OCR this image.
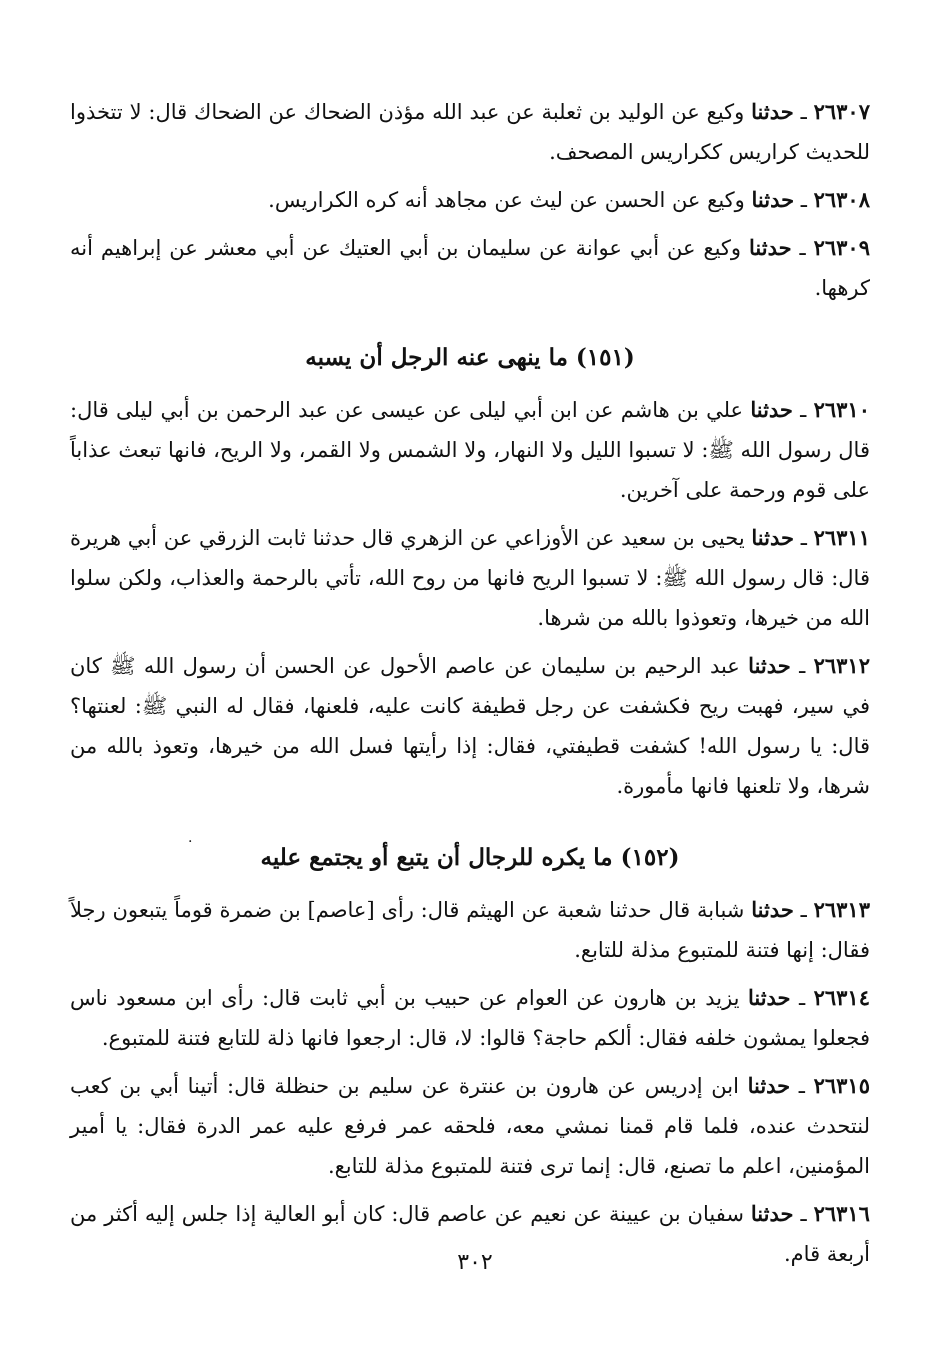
٢٦٣٠٧ ـ حدثنا وكيع عن الوليد بن ثعلبة عن عبد الله مؤذن الضحاك عن الضحاك قال: لا تتخذوا للحديث كراريس ككراريس المصحف.

٢٦٣٠٨ ـ حدثنا وكيع عن الحسن عن ليث عن مجاهد أنه كره الكراريس.

٢٦٣٠٩ ـ حدثنا وكيع عن أبي عوانة عن سليمان بن أبي العتيك عن أبي معشر عن إبراهيم أنه كرهها.

(١٥١) ما ينهى عنه الرجل أن يسبه

٢٦٣١٠ ـ حدثنا علي بن هاشم عن ابن أبي ليلى عن عيسى عن عبد الرحمن بن أبي ليلى قال: قال رسول الله ﷺ: لا تسبوا الليل ولا النهار، ولا الشمس ولا القمر، ولا الريح، فانها تبعث عذاباً على قوم ورحمة على آخرين.

٢٦٣١١ ـ حدثنا يحيى بن سعيد عن الأوزاعي عن الزهري قال حدثنا ثابت الزرقي عن أبي هريرة قال: قال رسول الله ﷺ: لا تسبوا الريح فانها من روح الله، تأتي بالرحمة والعذاب، ولكن سلوا الله من خيرها، وتعوذوا بالله من شرها.

٢٦٣١٢ ـ حدثنا عبد الرحيم بن سليمان عن عاصم الأحول عن الحسن أن رسول الله ﷺ كان في سير، فهبت ريح فكشفت عن رجل قطيفة كانت عليه، فلعنها، فقال له النبي ﷺ: لعنتها؟ قال: يا رسول الله! كشفت قطيفتي، فقال: إذا رأيتها فسل الله من خيرها، وتعوذ بالله من شرها، ولا تلعنها فانها مأمورة.

(١٥٢) ما يكره للرجال أن يتبع أو يجتمع عليه

٢٦٣١٣ ـ حدثنا شبابة قال حدثنا شعبة عن الهيثم قال: رأى [عاصم] بن ضمرة قوماً يتبعون رجلاً فقال: إنها فتنة للمتبوع مذلة للتابع.

٢٦٣١٤ ـ حدثنا يزيد بن هارون عن العوام عن حبيب بن أبي ثابت قال: رأى ابن مسعود ناس فجعلوا يمشون خلفه فقال: ألكم حاجة؟ قالوا: لا، قال: ارجعوا فانها ذلة للتابع فتنة للمتبوع.

٢٦٣١٥ ـ حدثنا ابن إدريس عن هارون بن عنترة عن سليم بن حنظلة قال: أتينا أبي بن كعب لنتحدث عنده، فلما قام قمنا نمشي معه، فلحقه عمر فرفع عليه عمر الدرة فقال: يا أمير المؤمنين، اعلم ما تصنع، قال: إنما ترى فتنة للمتبوع مذلة للتابع.

٢٦٣١٦ ـ حدثنا سفيان بن عيينة عن نعيم عن عاصم قال: كان أبو العالية إذا جلس إليه أكثر من أربعة قام.

.
٣٠٢
